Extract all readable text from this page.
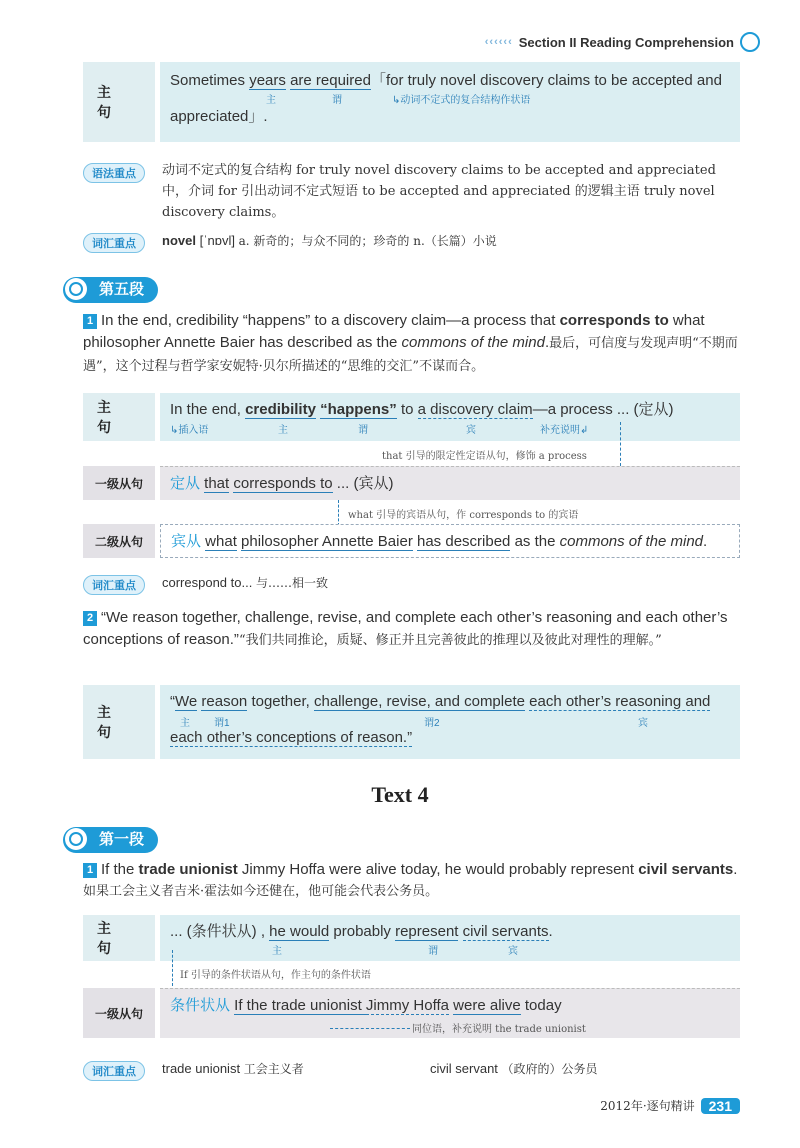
‹‹‹‹‹‹ Section II Reading Comprehension
主 句
Sometimes years are required「for truly novel discovery claims to be accepted and
主	谓	↳动词不定式的复合结构作状语
appreciated」.
语法重点	动词不定式的复合结构 for truly novel discovery claims to be accepted and appreciated 中，介词 for 引出动词不定式短语 to be accepted and appreciated 的逻辑主语 truly novel discovery claims。
词汇重点	novel [ˈnɒvl] a. 新奇的；与众不同的；珍奇的 n.（长篇）小说
第五段
1 In the end, credibility “happens” to a discovery claim—a process that corresponds to what philosopher Annette Baier has described as the commons of the mind.最后，可信度与发现声明“不期而遇”，这个过程与哲学家安妮特·贝尔所描述的“思维的交汇”不谋而合。
主 句
In the end, credibility “happens” to a discovery claim—a process ... (定从)
↳插入语	主	谓	宾	补充说明↲
that 引导的限定性定语从句，修饰 a process
一级从句	定从 that corresponds to ... (宾从)
what 引导的宾语从句，作 corresponds to 的宾语
二级从句	宾从 what philosopher Annette Baier has described as the commons of the mind.
词汇重点	correspond to... 与……相一致
2 “We reason together, challenge, revise, and complete each other’s reasoning and each other’s conceptions of reason.”“我们共同推论，质疑、修正并且完善彼此的推理以及彼此对理性的理解。”
主 句
“We reason together, challenge, revise, and complete each other’s reasoning and
主 谓1	谓2	宾
each other’s conceptions of reason.”
Text 4
第一段
1 If the trade unionist Jimmy Hoffa were alive today, he would probably represent civil servants.
如果工会主义者吉米·霍法如今还健在，他可能会代表公务员。
主 句
... (条件状从) , he would probably represent civil servants.
主	谓	宾
If 引导的条件状语从句，作主句的条件状语
一级从句	条件状从 If the trade unionist Jimmy Hoffa were alive today
同位语，补充说明 the trade unionist
词汇重点	trade unionist 工会主义者	civil servant （政府的）公务员
2012年·逐句精讲	231
